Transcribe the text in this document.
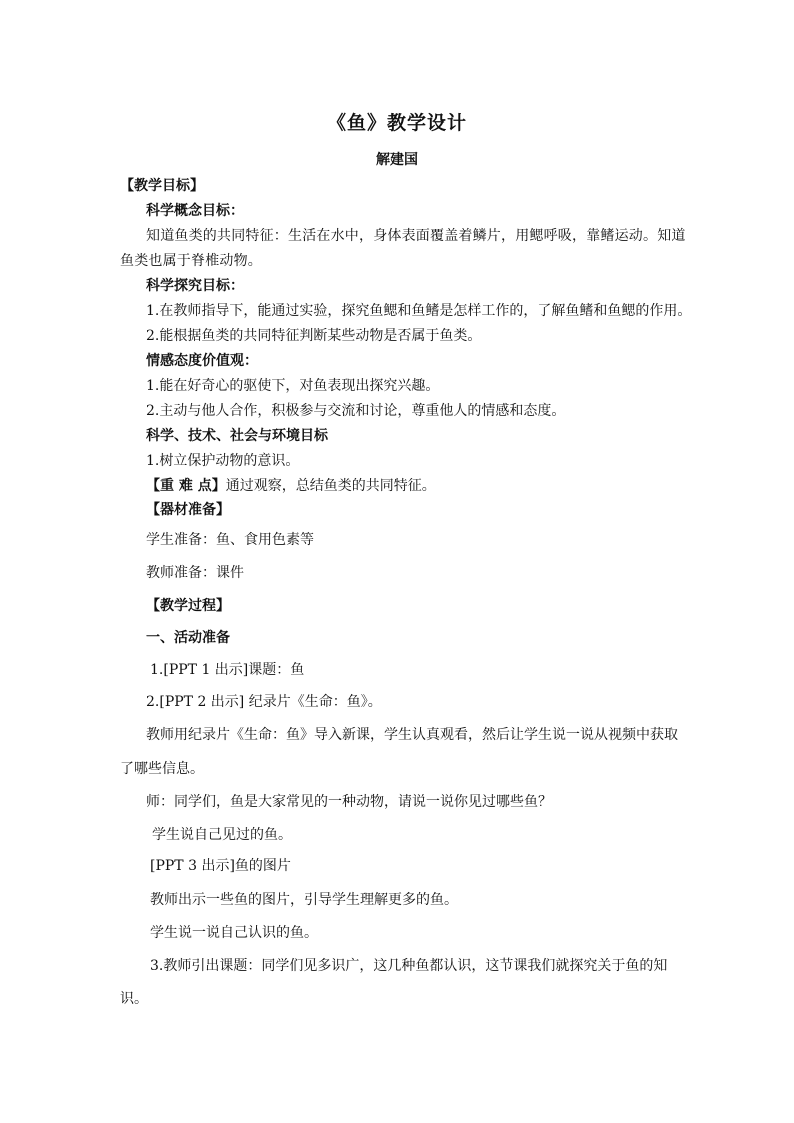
《鱼》教学设计
解建国
【教学目标】
科学概念目标：
知道鱼类的共同特征：生活在水中，身体表面覆盖着鳞片，用鳃呼吸，靠鳍运动。知道
鱼类也属于脊椎动物。
科学探究目标：
1.在教师指导下，能通过实验，探究鱼鳃和鱼鳍是怎样工作的，了解鱼鳍和鱼鳃的作用。
2.能根据鱼类的共同特征判断某些动物是否属于鱼类。
情感态度价值观：
1.能在好奇心的驱使下，对鱼表现出探究兴趣。
2.主动与他人合作，积极参与交流和讨论，尊重他人的情感和态度。
科学、技术、社会与环境目标
1.树立保护动物的意识。
【重 难 点】通过观察，总结鱼类的共同特征。
【器材准备】
学生准备：鱼、食用色素等
教师准备：课件
【教学过程】
一、活动准备
1.[PPT 1 出示]课题：鱼
2.[PPT 2 出示] 纪录片《生命：鱼》。
教师用纪录片《生命：鱼》导入新课，学生认真观看，然后让学生说一说从视频中获取
了哪些信息。
师：同学们，鱼是大家常见的一种动物，请说一说你见过哪些鱼？
学生说自己见过的鱼。
[PPT 3 出示]鱼的图片
教师出示一些鱼的图片，引导学生理解更多的鱼。
学生说一说自己认识的鱼。
3.教师引出课题：同学们见多识广，这几种鱼都认识，这节课我们就探究关于鱼的知
识。
